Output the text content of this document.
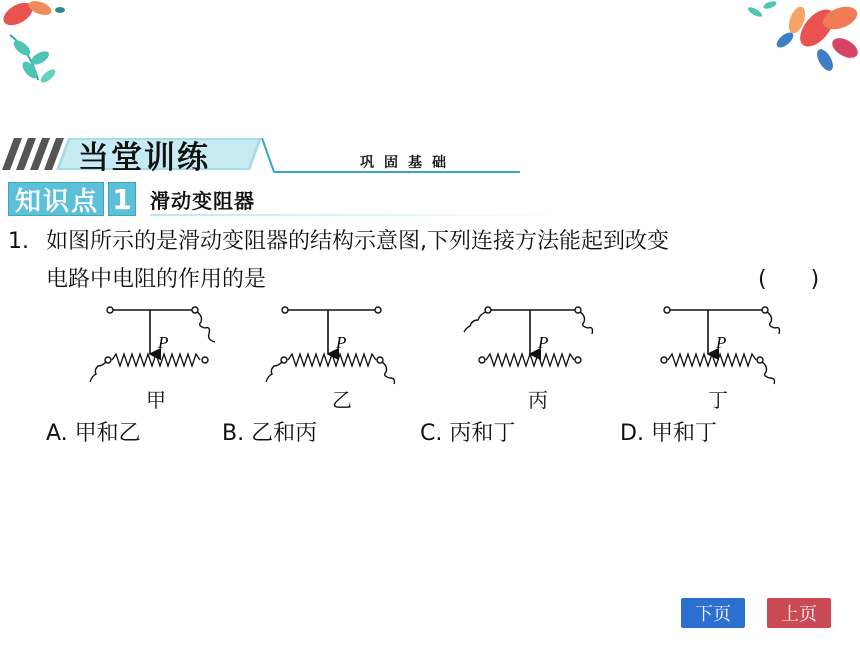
当堂训练	巩固基础
知识点 1 滑动变阻器
1. 如图所示的是滑动变阻器的结构示意图,下列连接方法能起到改变
电路中电阻的作用的是	(　　)
P	P	P	P
甲	乙	丙	丁
A. 甲和乙	B. 乙和丙	C. 丙和丁	D. 甲和丁
下页	上页
